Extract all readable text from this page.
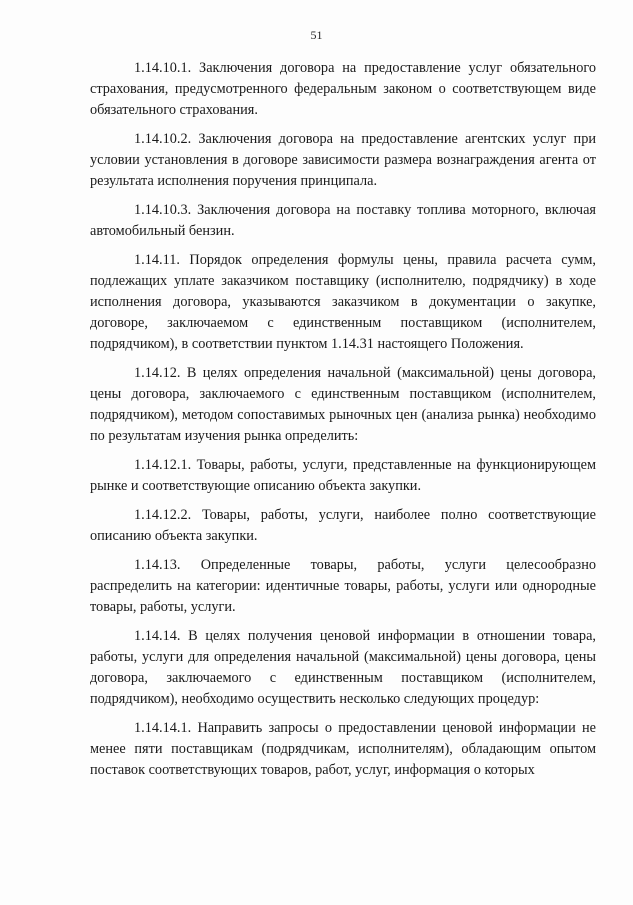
51

1.14.10.1. Заключения договора на предоставление услуг обязательного страхования, предусмотренного федеральным законом о соответствующем виде обязательного страхования.

1.14.10.2. Заключения договора на предоставление агентских услуг при условии установления в договоре зависимости размера вознаграждения агента от результата исполнения поручения принципала.

1.14.10.3. Заключения договора на поставку топлива моторного, включая автомобильный бензин.

1.14.11. Порядок определения формулы цены, правила расчета сумм, подлежащих уплате заказчиком поставщику (исполнителю, подрядчику) в ходе исполнения договора, указываются заказчиком в документации о закупке, договоре, заключаемом с единственным поставщиком (исполнителем, подрядчиком), в соответствии пунктом 1.14.31 настоящего Положения.

1.14.12. В целях определения начальной (максимальной) цены договора, цены договора, заключаемого с единственным поставщиком (исполнителем, подрядчиком), методом сопоставимых рыночных цен (анализа рынка) необходимо по результатам изучения рынка определить:

1.14.12.1. Товары, работы, услуги, представленные на функционирующем рынке и соответствующие описанию объекта закупки.

1.14.12.2. Товары, работы, услуги, наиболее полно соответствующие описанию объекта закупки.

1.14.13. Определенные товары, работы, услуги целесообразно распределить на категории: идентичные товары, работы, услуги или однородные товары, работы, услуги.

1.14.14. В целях получения ценовой информации в отношении товара, работы, услуги для определения начальной (максимальной) цены договора, цены договора, заключаемого с единственным поставщиком (исполнителем, подрядчиком), необходимо осуществить несколько следующих процедур:

1.14.14.1. Направить запросы о предоставлении ценовой информации не менее пяти поставщикам (подрядчикам, исполнителям), обладающим опытом поставок соответствующих товаров, работ, услуг, информация о которых
